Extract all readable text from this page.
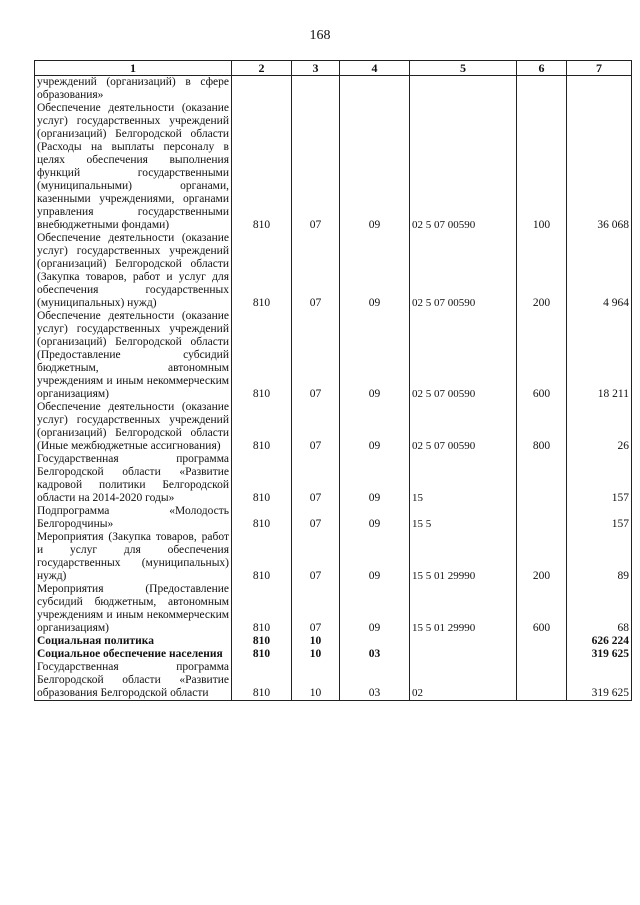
168
1	2	3	4	5	6	7
учреждений (организаций) в сфере образования»						
Обеспечение деятельности (оказание услуг) государственных учреждений (организаций) Белгородской области (Расходы на выплаты персоналу в целях обеспечения выполнения функций государственными (муниципальными) органами, казенными учреждениями, органами управления государственными внебюджетными фондами)	810	07	09	02 5 07 00590	100	36 068
Обеспечение деятельности (оказание услуг) государственных учреждений (организаций) Белгородской области (Закупка товаров, работ и услуг для обеспечения государственных (муниципальных) нужд)	810	07	09	02 5 07 00590	200	4 964
Обеспечение деятельности (оказание услуг) государственных учреждений (организаций) Белгородской области (Предоставление субсидий бюджетным, автономным учреждениям и иным некоммерческим организациям)	810	07	09	02 5 07 00590	600	18 211
Обеспечение деятельности (оказание услуг) государственных учреждений (организаций) Белгородской области (Иные межбюджетные ассигнования)	810	07	09	02 5 07 00590	800	26
Государственная программа Белгородской области «Развитие кадровой политики Белгородской области на 2014-2020 годы»	810	07	09	15		157
Подпрограмма «Молодость Белгородчины»	810	07	09	15 5		157
Мероприятия (Закупка товаров, работ и услуг для обеспечения государственных (муниципальных) нужд)	810	07	09	15 5 01 29990	200	89
Мероприятия (Предоставление субсидий бюджетным, автономным учреждениям и иным некоммерческим организациям)	810	07	09	15 5 01 29990	600	68
Социальная политика	810	10				626 224
Социальное обеспечение населения	810	10	03			319 625
Государственная программа Белгородской области «Развитие образования Белгородской области	810	10	03	02		319 625
